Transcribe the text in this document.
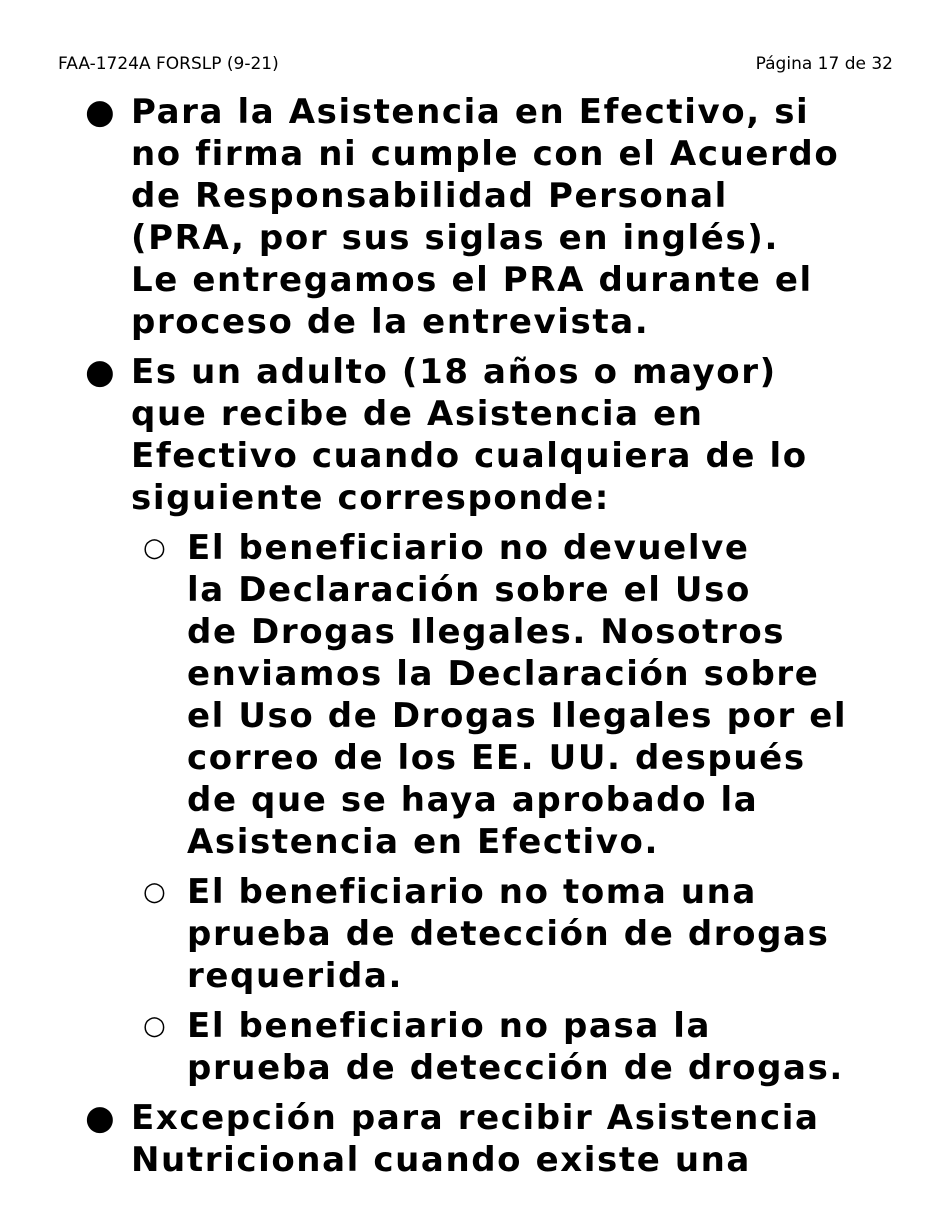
FAA-1724A FORSLP (9-21)	Página 17 de 32
● Para la Asistencia en Efectivo, si
no firma ni cumple con el Acuerdo
de Responsabilidad Personal
(PRA, por sus siglas en inglés).
Le entregamos el PRA durante el
proceso de la entrevista.
● Es un adulto (18 años o mayor)
que recibe de Asistencia en
Efectivo cuando cualquiera de lo
siguiente corresponde:
○ El beneficiario no devuelve
la Declaración sobre el Uso
de Drogas Ilegales. Nosotros
enviamos la Declaración sobre
el Uso de Drogas Ilegales por el
correo de los EE. UU. después
de que se haya aprobado la
Asistencia en Efectivo.
○ El beneficiario no toma una
prueba de detección de drogas
requerida.
○ El beneficiario no pasa la
prueba de detección de drogas.
● Excepción para recibir Asistencia
Nutricional cuando existe una
